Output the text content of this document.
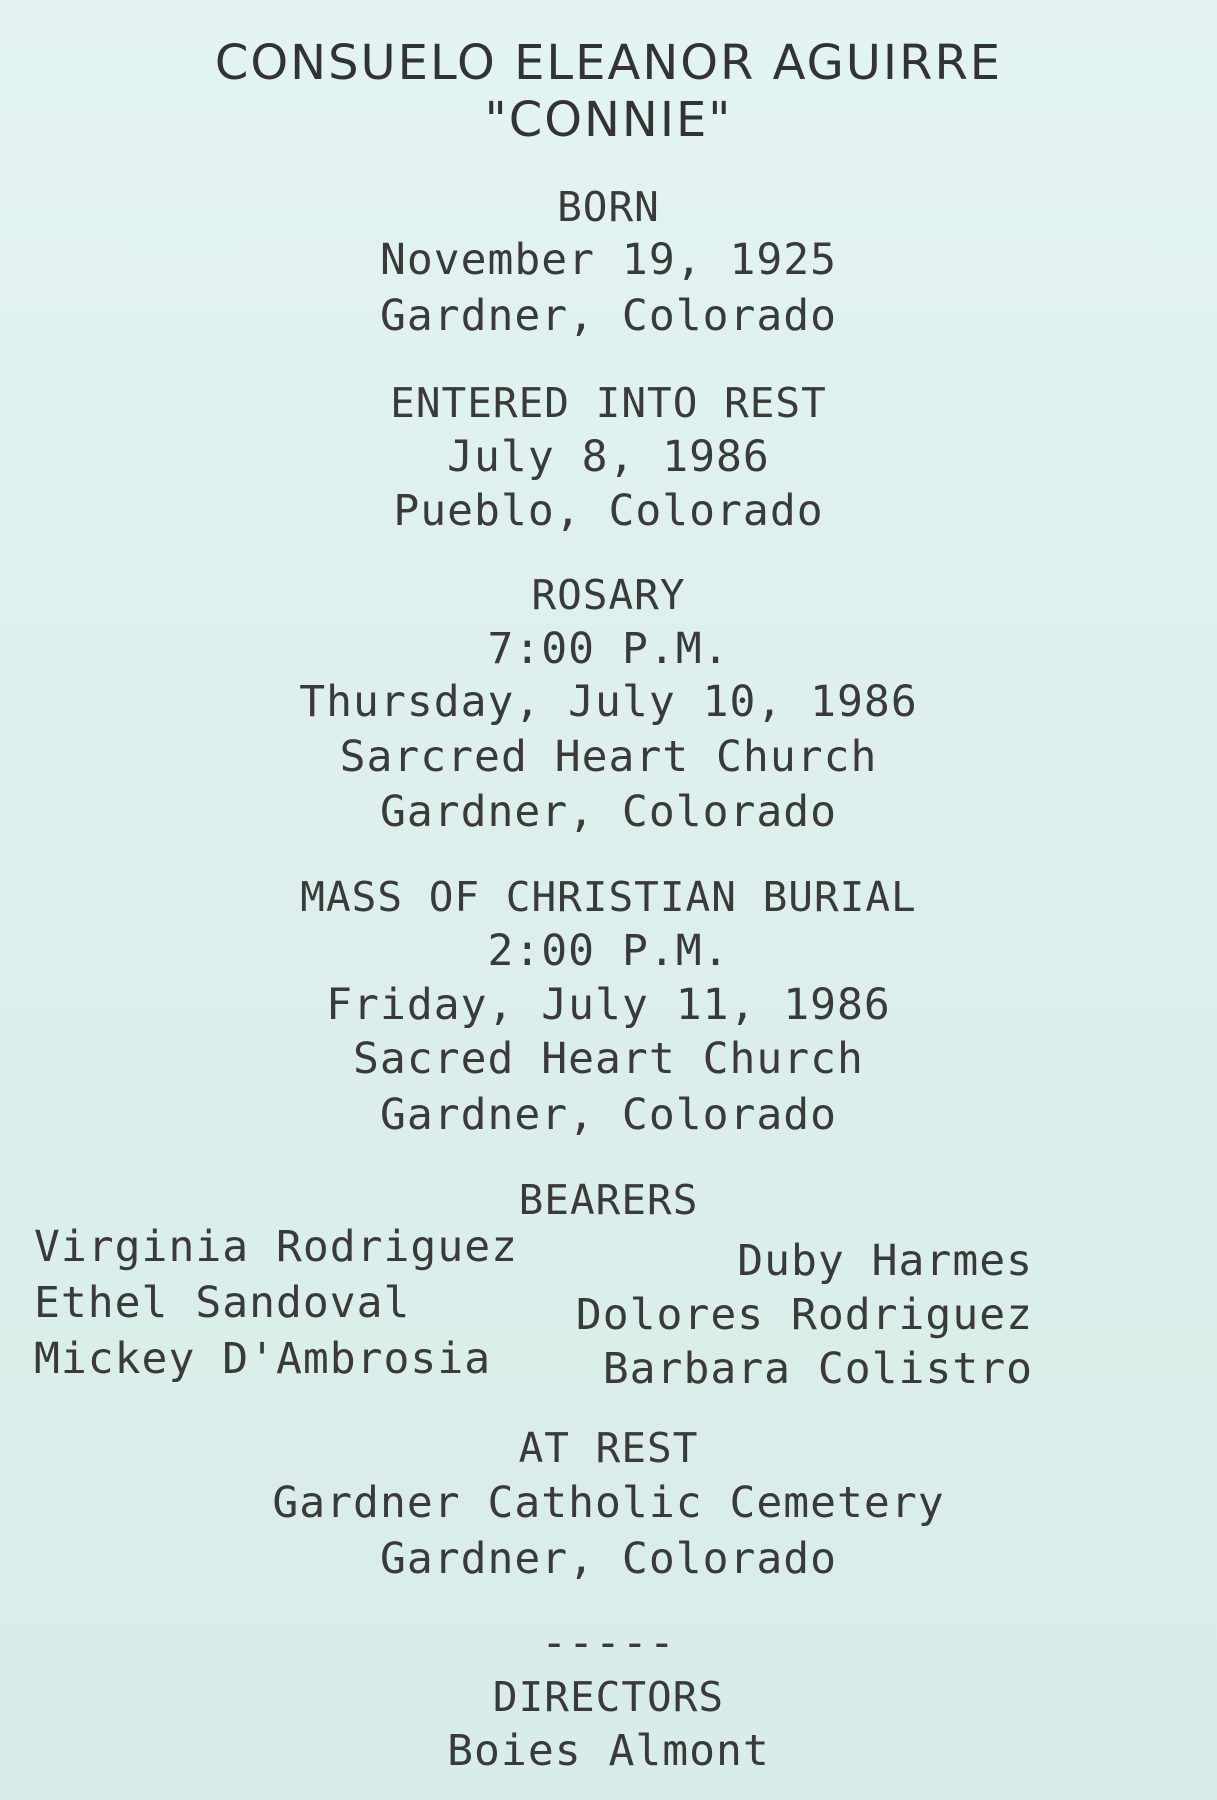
CONSUELO ELEANOR AGUIRRE
"CONNIE"
BORN
November 19, 1925
Gardner, Colorado
ENTERED INTO REST
July 8, 1986
Pueblo, Colorado
ROSARY
7:00 P.M.
Thursday, July 10, 1986
Sarcred Heart Church
Gardner, Colorado
MASS OF CHRISTIAN BURIAL
2:00 P.M.
Friday, July 11, 1986
Sacred Heart Church
Gardner, Colorado
BEARERS
Virginia Rodriguez
Ethel Sandoval
Mickey D'Ambrosia
Duby Harmes
Dolores Rodriguez
Barbara Colistro
AT REST
Gardner Catholic Cemetery
Gardner, Colorado
-----
DIRECTORS
Boies Almont
